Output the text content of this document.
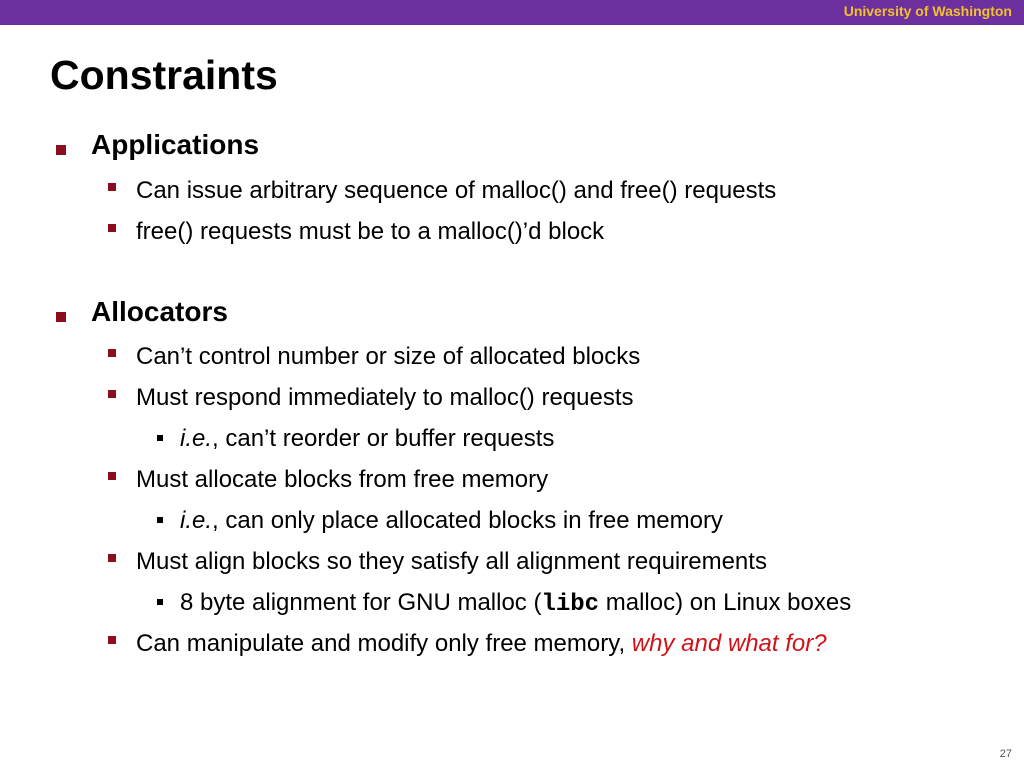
University of Washington
Constraints
Applications
Can issue arbitrary sequence of malloc() and free() requests
free() requests must be to a malloc()’d block
Allocators
Can’t control number or size of allocated blocks
Must respond immediately to malloc() requests
i.e., can’t reorder or buffer requests
Must allocate blocks from free memory
i.e., can only place allocated blocks in free memory
Must align blocks so they satisfy all alignment requirements
8 byte alignment for GNU malloc (libc malloc) on Linux boxes
Can manipulate and modify only free memory, why and what for?
27
